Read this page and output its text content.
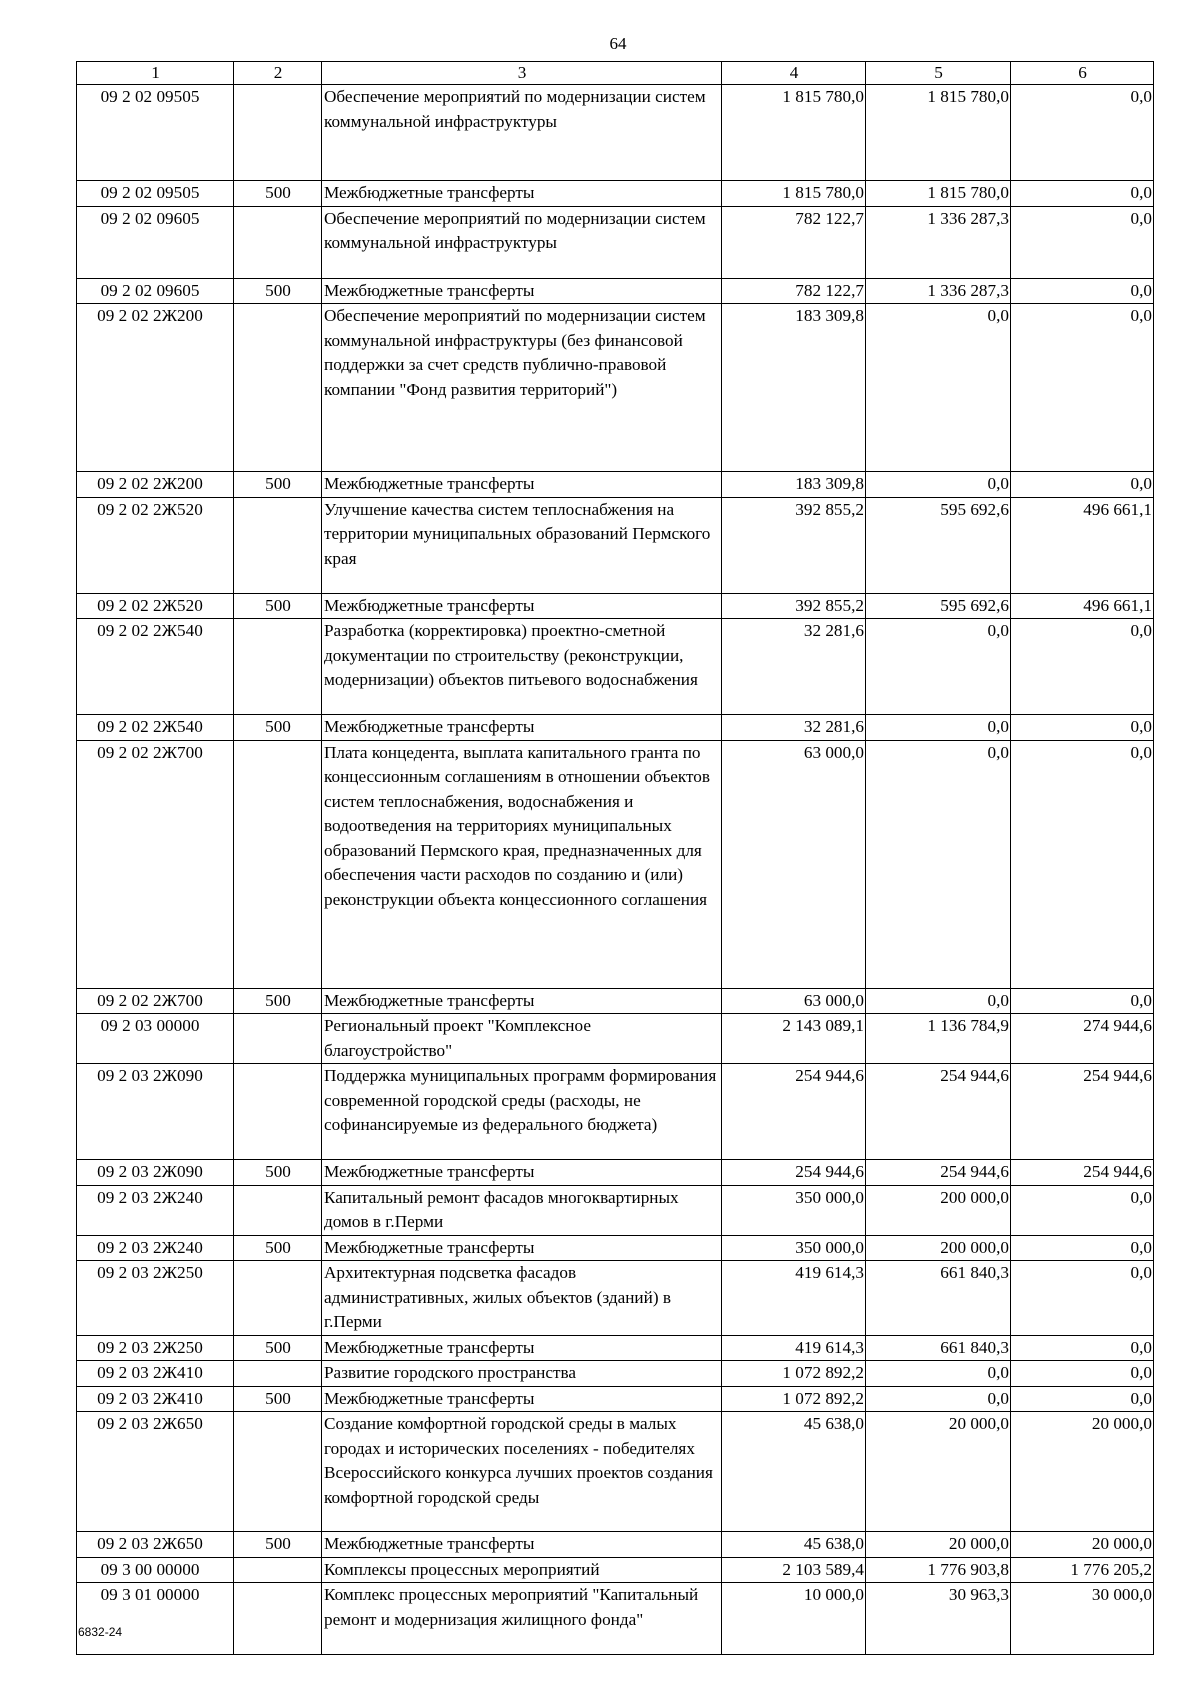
64
1	2	3	4	5	6
09 2 02 09505		Обеспечение мероприятий по модернизации систем коммунальной инфраструктуры	1 815 780,0	1 815 780,0	0,0
09 2 02 09505	500	Межбюджетные трансферты	1 815 780,0	1 815 780,0	0,0
09 2 02 09605		Обеспечение мероприятий по модернизации систем коммунальной инфраструктуры	782 122,7	1 336 287,3	0,0
09 2 02 09605	500	Межбюджетные трансферты	782 122,7	1 336 287,3	0,0
09 2 02 2Ж200		Обеспечение мероприятий по модернизации систем коммунальной инфраструктуры (без финансовой поддержки за счет средств публично-правовой компании "Фонд развития территорий")	183 309,8	0,0	0,0
09 2 02 2Ж200	500	Межбюджетные трансферты	183 309,8	0,0	0,0
09 2 02 2Ж520		Улучшение качества систем теплоснабжения на территории муниципальных образований Пермского края	392 855,2	595 692,6	496 661,1
09 2 02 2Ж520	500	Межбюджетные трансферты	392 855,2	595 692,6	496 661,1
09 2 02 2Ж540		Разработка (корректировка) проектно-сметной документации по строительству (реконструкции, модернизации) объектов питьевого водоснабжения	32 281,6	0,0	0,0
09 2 02 2Ж540	500	Межбюджетные трансферты	32 281,6	0,0	0,0
09 2 02 2Ж700		Плата концедента, выплата капитального гранта по концессионным соглашениям в отношении объектов систем теплоснабжения, водоснабжения и водоотведения на территориях муниципальных образований Пермского края, предназначенных для обеспечения части расходов по созданию и (или) реконструкции объекта концессионного соглашения	63 000,0	0,0	0,0
09 2 02 2Ж700	500	Межбюджетные трансферты	63 000,0	0,0	0,0
09 2 03 00000		Региональный проект "Комплексное благоустройство"	2 143 089,1	1 136 784,9	274 944,6
09 2 03 2Ж090		Поддержка муниципальных программ формирования современной городской среды (расходы, не софинансируемые из федерального бюджета)	254 944,6	254 944,6	254 944,6
09 2 03 2Ж090	500	Межбюджетные трансферты	254 944,6	254 944,6	254 944,6
09 2 03 2Ж240		Капитальный ремонт фасадов многоквартирных домов в г.Перми	350 000,0	200 000,0	0,0
09 2 03 2Ж240	500	Межбюджетные трансферты	350 000,0	200 000,0	0,0
09 2 03 2Ж250		Архитектурная подсветка фасадов административных, жилых объектов (зданий) в г.Перми	419 614,3	661 840,3	0,0
09 2 03 2Ж250	500	Межбюджетные трансферты	419 614,3	661 840,3	0,0
09 2 03 2Ж410		Развитие городского пространства	1 072 892,2	0,0	0,0
09 2 03 2Ж410	500	Межбюджетные трансферты	1 072 892,2	0,0	0,0
09 2 03 2Ж650		Создание комфортной городской среды в малых городах и исторических поселениях - победителях Всероссийского конкурса лучших проектов создания комфортной городской среды	45 638,0	20 000,0	20 000,0
09 2 03 2Ж650	500	Межбюджетные трансферты	45 638,0	20 000,0	20 000,0
09 3 00 00000		Комплексы процессных мероприятий	2 103 589,4	1 776 903,8	1 776 205,2
09 3 01 00000		Комплекс процессных мероприятий "Капитальный ремонт и модернизация жилищного фонда"	10 000,0	30 963,3	30 000,0
6832-24
